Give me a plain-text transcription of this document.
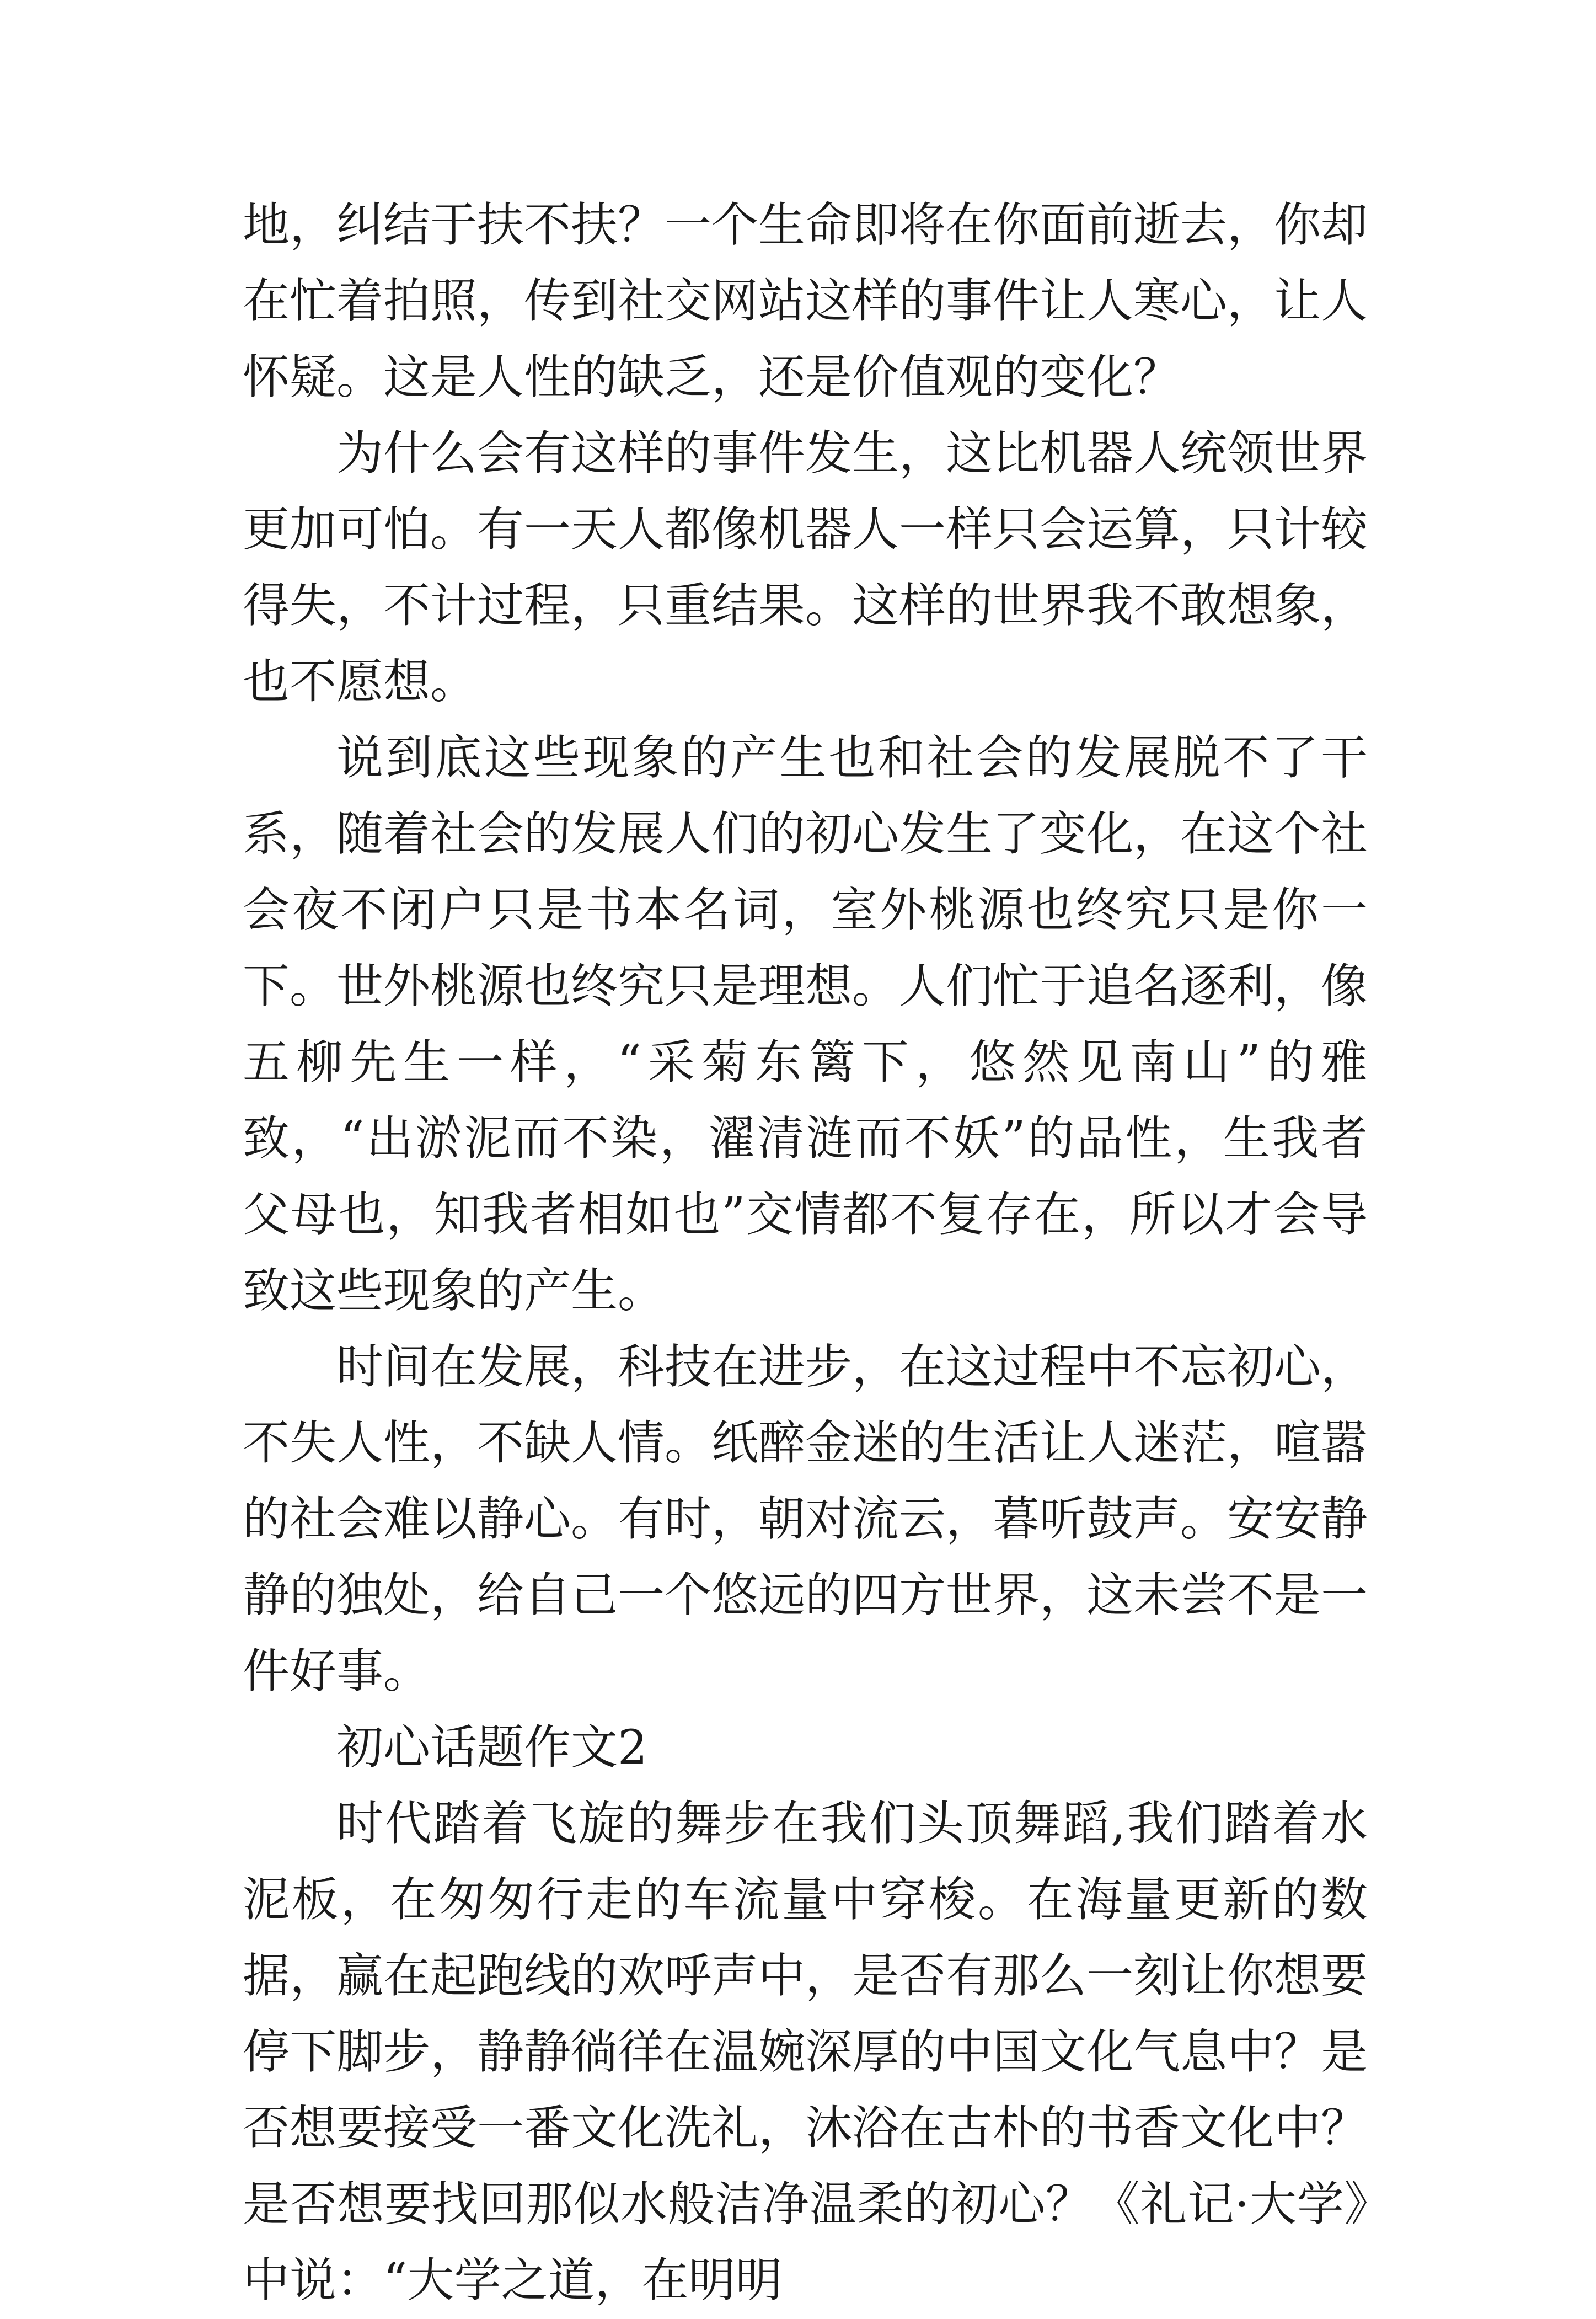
地，纠结于扶不扶？一个生命即将在你面前逝去，你却在忙着拍照，传到社交网站这样的事件让人寒心，让人怀疑。这是人性的缺乏，还是价值观的变化？

为什么会有这样的事件发生，这比机器人统领世界更加可怕。有一天人都像机器人一样只会运算，只计较得失，不计过程，只重结果。这样的世界我不敢想象，也不愿想。

说到底这些现象的产生也和社会的发展脱不了干系，随着社会的发展人们的初心发生了变化，在这个社会夜不闭户只是书本名词，室外桃源也终究只是你一下。世外桃源也终究只是理想。人们忙于追名逐利，像五柳先生一样，“采菊东篱下，悠然见南山”的雅致，“出淤泥而不染，濯清涟而不妖”的品性，生我者父母也，知我者相如也”交情都不复存在，所以才会导致这些现象的产生。

时间在发展，科技在进步，在这过程中不忘初心，不失人性，不缺人情。纸醉金迷的生活让人迷茫，喧嚣的社会难以静心。有时，朝对流云，暮听鼓声。安安静静的独处，给自己一个悠远的四方世界，这未尝不是一件好事。

初心话题作文2

时代踏着飞旋的舞步在我们头顶舞蹈,我们踏着水泥板，在匆匆行走的车流量中穿梭。在海量更新的数据，赢在起跑线的欢呼声中，是否有那么一刻让你想要停下脚步，静静徜徉在温婉深厚的中国文化气息中？是否想要接受一番文化洗礼，沐浴在古朴的书香文化中？是否想要找回那似水般洁净温柔的初心？《礼记·大学》中说：“大学之道，在明明
